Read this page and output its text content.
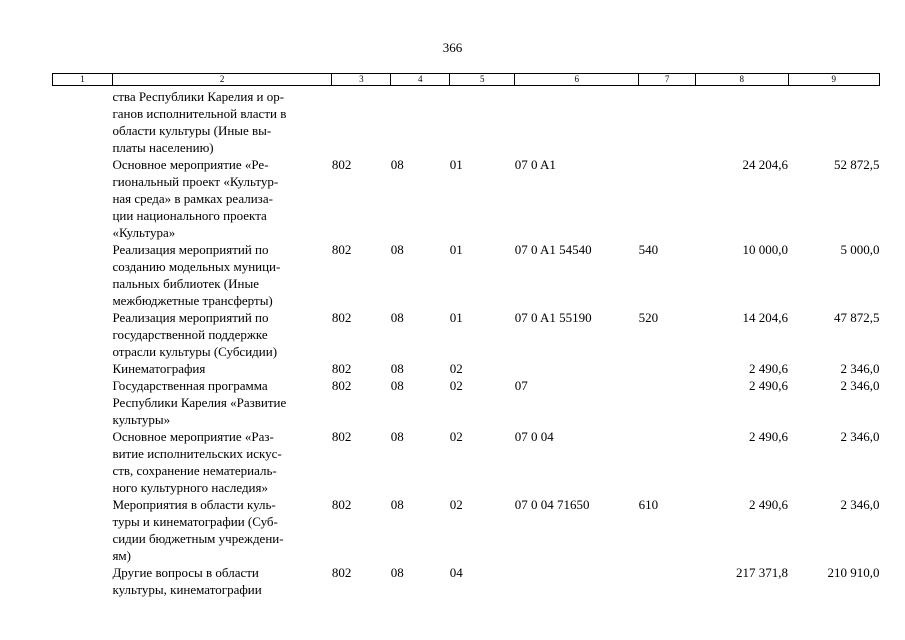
366
1	2	3	4	5	6	7	8	9

	ства Республики Карелия и ор-
ганов исполнительной власти в
области культуры (Иные вы-
платы населению)							

	Основное мероприятие «Ре-
гиональный проект «Культур-
ная среда» в рамках реализа-
ции национального проекта
«Культура»	802	08	01	07 0 A1		24 204,6	52 872,5

	Реализация мероприятий по
созданию модельных муници-
пальных библиотек (Иные
межбюджетные трансферты)	802	08	01	07 0 A1 54540	540	10 000,0	5 000,0

	Реализация мероприятий по
государственной поддержке
отрасли культуры (Субсидии)	802	08	01	07 0 A1 55190	520	14 204,6	47 872,5

	Кинематография	802	08	02			2 490,6	2 346,0

	Государственная программа
Республики Карелия «Развитие
культуры»	802	08	02	07		2 490,6	2 346,0

	Основное мероприятие «Раз-
витие исполнительских искус-
ств, сохранение нематериаль-
ного культурного наследия»	802	08	02	07 0 04		2 490,6	2 346,0

	Мероприятия в области куль-
туры и кинематографии (Суб-
сидии бюджетным учреждени-
ям)	802	08	02	07 0 04 71650	610	2 490,6	2 346,0

	Другие вопросы в области
культуры, кинематографии	802	08	04			217 371,8	210 910,0
